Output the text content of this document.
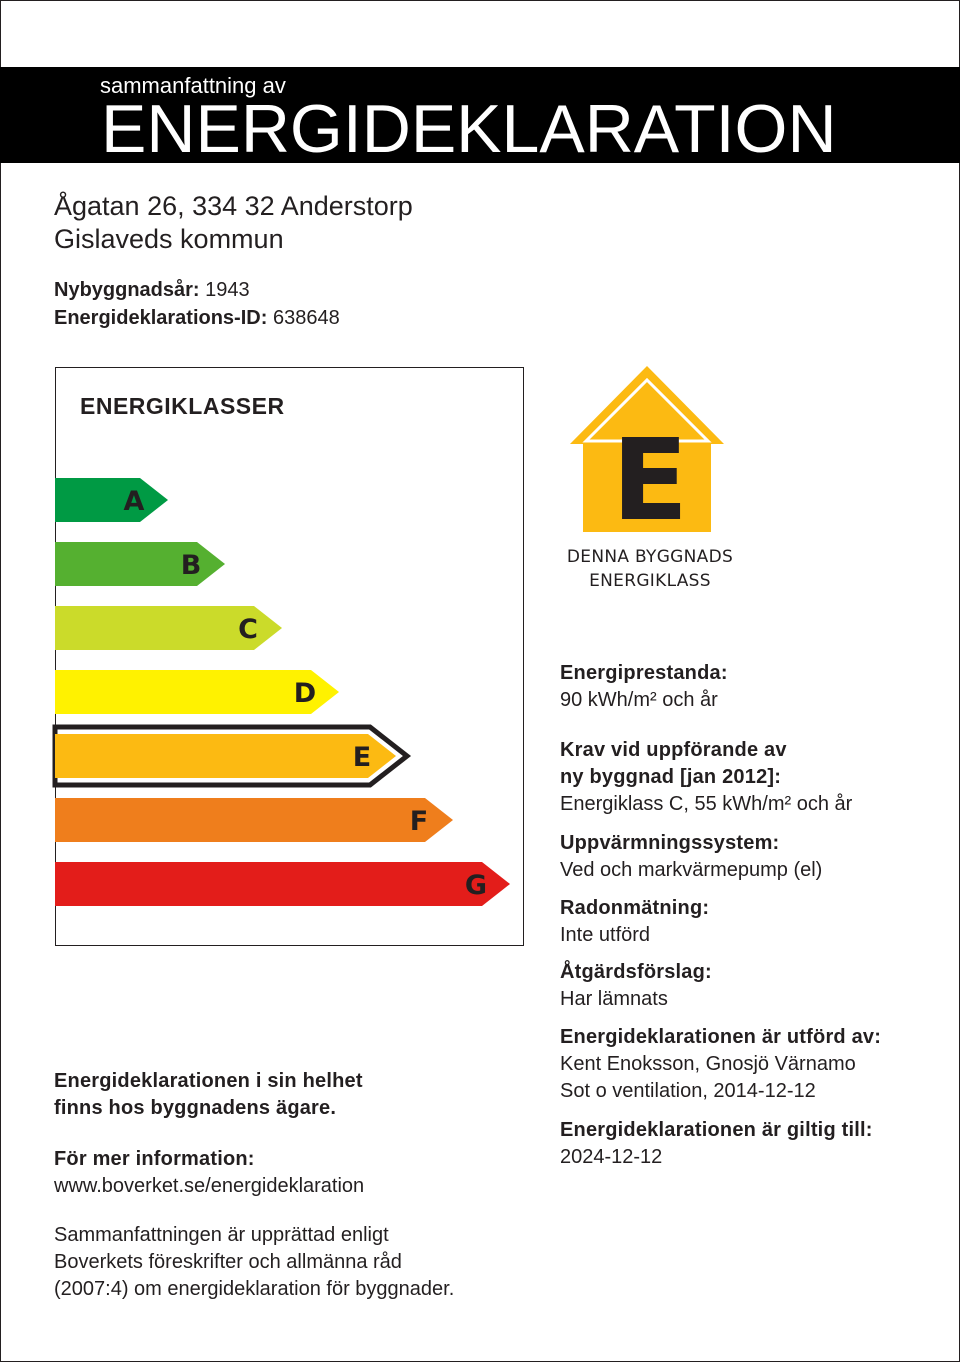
sammanfattning av
ENERGIDEKLARATION
Ågatan 26, 334 32 Anderstorp
Gislaveds kommun
Nybyggnadsår: 1943
Energideklarations-ID: 638648
ENERGIKLASSER
A
B
C
D
E
F
G
E
DENNA BYGGNADS
ENERGIKLASS
Energiprestanda:
90 kWh/m² och år
Krav vid uppförande av
ny byggnad [jan 2012]:
Energiklass C, 55 kWh/m² och år
Uppvärmningssystem:
Ved och markvärmepump (el)
Radonmätning:
Inte utförd
Åtgärdsförslag:
Har lämnats
Energideklarationen är utförd av:
Kent Enoksson, Gnosjö Värnamo
Sot o ventilation, 2014-12-12
Energideklarationen är giltig till:
2024-12-12
Energideklarationen i sin helhet
finns hos byggnadens ägare.
För mer information:
www.boverket.se/energideklaration
Sammanfattningen är upprättad enligt
Boverkets föreskrifter och allmänna råd
(2007:4) om energideklaration för byggnader.
